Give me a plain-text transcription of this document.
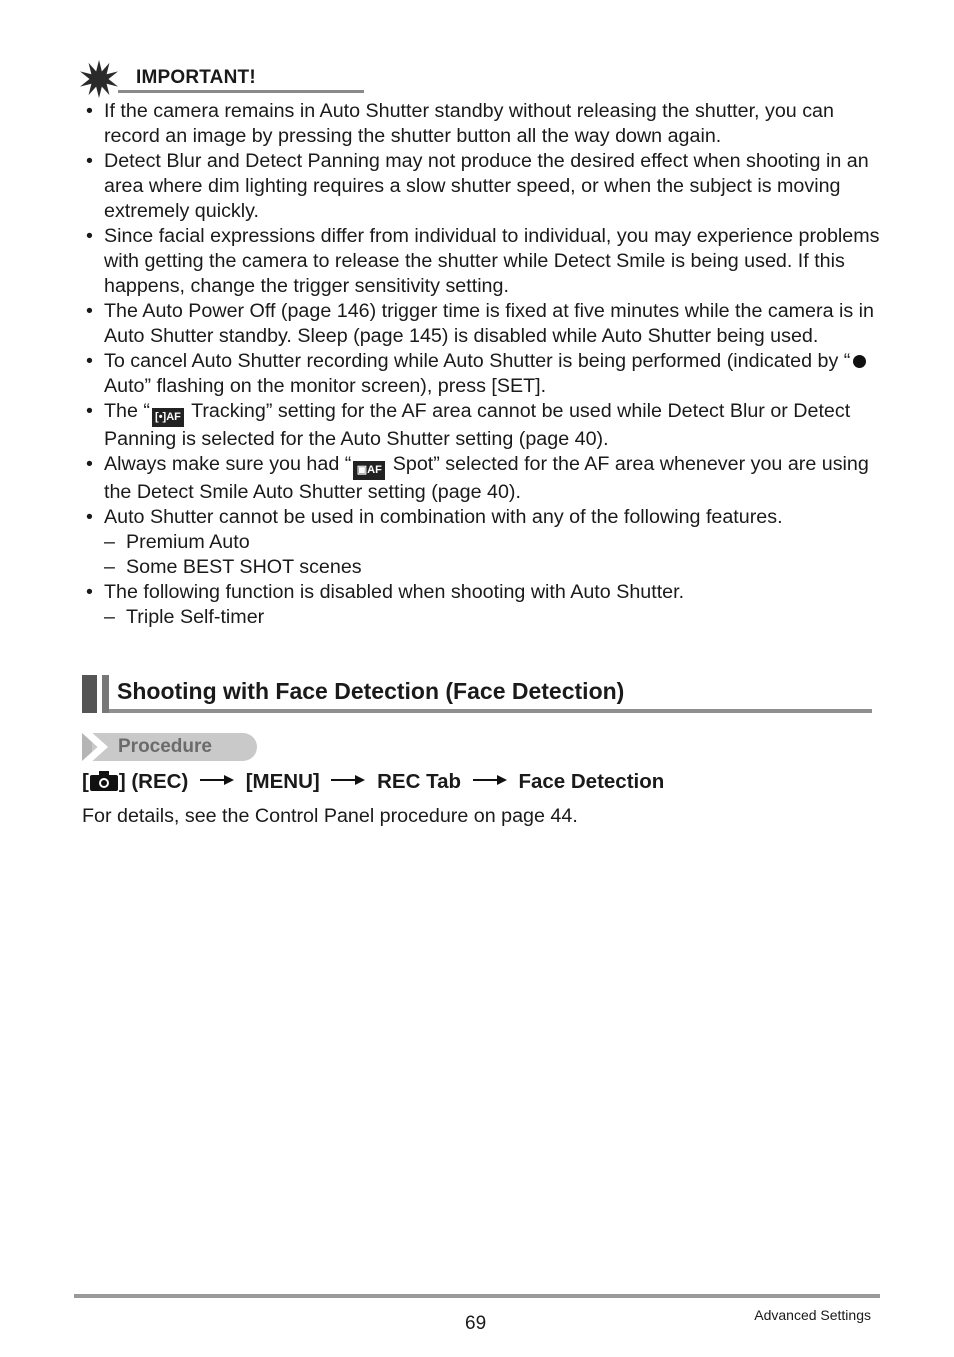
IMPORTANT!
• If the camera remains in Auto Shutter standby without releasing the shutter, you can record an image by pressing the shutter button all the way down again.
• Detect Blur and Detect Panning may not produce the desired effect when shooting in an area where dim lighting requires a slow shutter speed, or when the subject is moving extremely quickly.
• Since facial expressions differ from individual to individual, you may experience problems with getting the camera to release the shutter while Detect Smile is being used. If this happens, change the trigger sensitivity setting.
• The Auto Power Off (page 146) trigger time is fixed at five minutes while the camera is in Auto Shutter standby. Sleep (page 145) is disabled while Auto Shutter being used.
• To cancel Auto Shutter recording while Auto Shutter is being performed (indicated by “ Auto” flashing on the monitor screen), press [SET].
• The “ [•]AF Tracking” setting for the AF area cannot be used while Detect Blur or Detect Panning is selected for the Auto Shutter setting (page 40).
• Always make sure you had “ ▣AF Spot” selected for the AF area whenever you are using the Detect Smile Auto Shutter setting (page 40).
• Auto Shutter cannot be used in combination with any of the following features.
– Premium Auto
– Some BEST SHOT scenes
• The following function is disabled when shooting with Auto Shutter.
– Triple Self-timer
Shooting with Face Detection (Face Detection)
Procedure
[ ] (REC)	[MENU]	REC Tab	Face Detection
For details, see the Control Panel procedure on page 44.
69	Advanced Settings
